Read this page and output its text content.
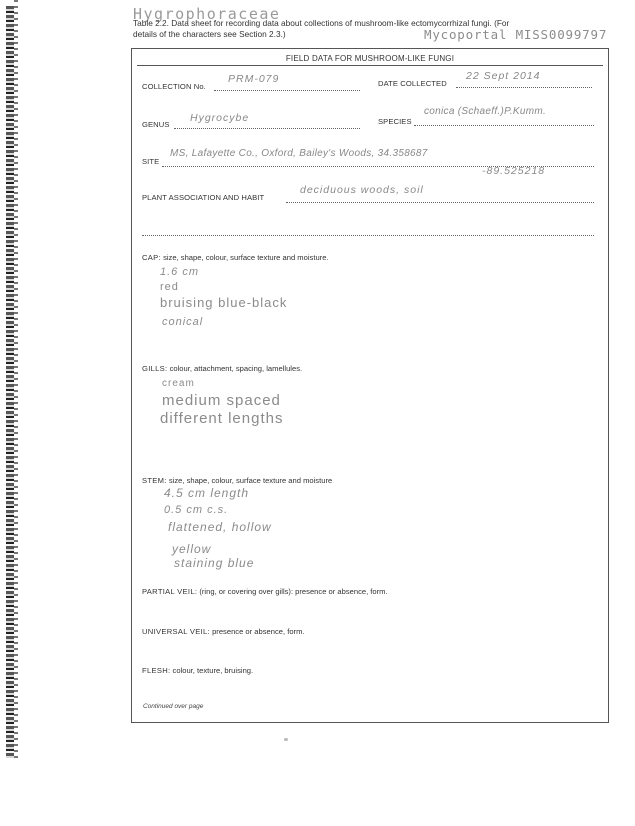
Hygrophoraceae
Mycoportal MISS0099797
Table 2.2. Data sheet for recording data about collections of mushroom-like ectomycorrhizal fungi. (For
details of the characters see Section 2.3.)
FIELD DATA FOR MUSHROOM-LIKE FUNGI
COLLECTION No.
PRM-079	DATE COLLECTED
22 Sept 2014
GENUS
Hygrocybe	SPECIES
conica (Schaeff.)P.Kumm.
SITE
MS, Lafayette Co., Oxford, Bailey's Woods, 34.358687
-89.525218
PLANT ASSOCIATION AND HABIT
deciduous woods, soil
CAP: size, shape, colour, surface texture and moisture.
1.6 cm
red
bruising blue-black
conical
GILLS: colour, attachment, spacing, lamellules.
cream
medium spaced
different lengths
STEM: size, shape, colour, surface texture and moisture
4.5 cm length
0.5 cm c.s.
flattened, hollow
yellow
staining blue
PARTIAL VEIL: (ring, or covering over gills): presence or absence, form.
UNIVERSAL VEIL: presence or absence, form.
FLESH: colour, texture, bruising.
Continued over page
